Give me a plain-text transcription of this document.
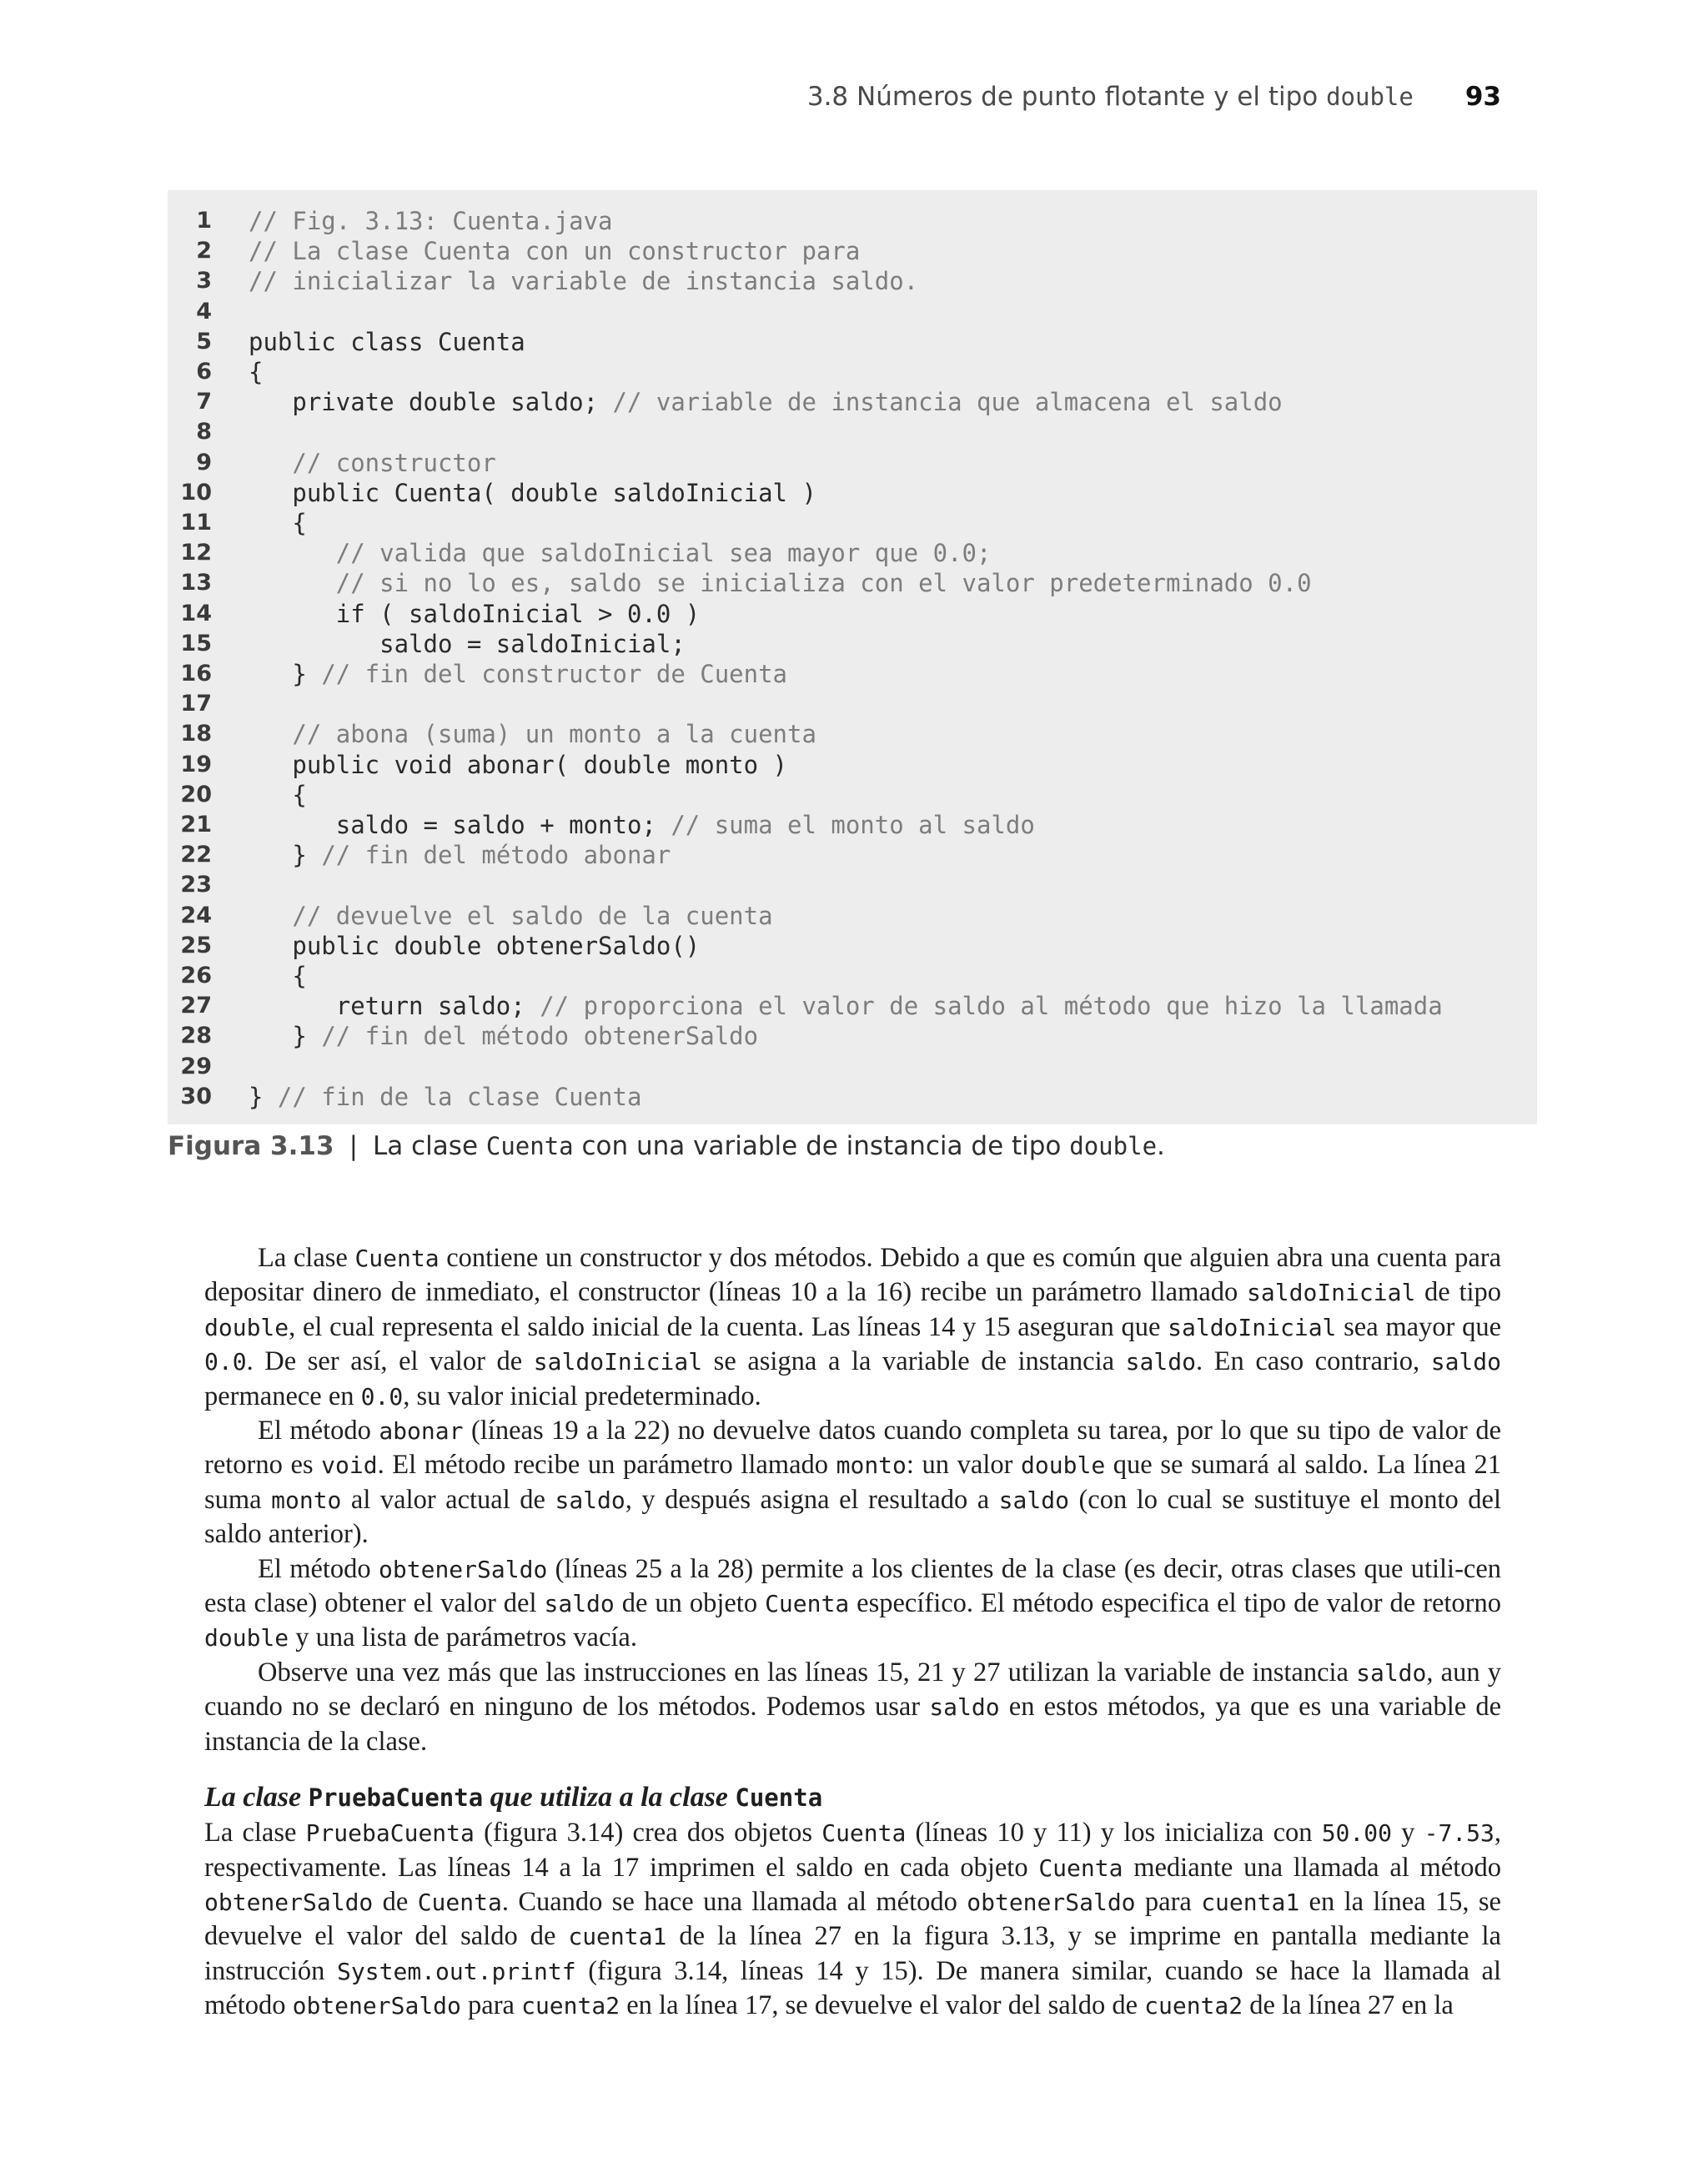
3.8 Números de punto flotante y el tipo double 93
1 // Fig. 3.13: Cuenta.java
2 // La clase Cuenta con un constructor para
3 // inicializar la variable de instancia saldo.
4
5 public class Cuenta
6 {
7 private double saldo; // variable de instancia que almacena el saldo
8
9 // constructor
10 public Cuenta( double saldoInicial )
11 {
12 // valida que saldoInicial sea mayor que 0.0;
13 // si no lo es, saldo se inicializa con el valor predeterminado 0.0
14 if ( saldoInicial > 0.0 )
15 saldo = saldoInicial;
16 } // fin del constructor de Cuenta
17
18 // abona (suma) un monto a la cuenta
19 public void abonar( double monto )
20 {
21 saldo = saldo + monto; // suma el monto al saldo
22 } // fin del método abonar
23
24 // devuelve el saldo de la cuenta
25 public double obtenerSaldo()
26 {
27 return saldo; // proporciona el valor de saldo al método que hizo la llamada
28 } // fin del método obtenerSaldo
29
30 } // fin de la clase Cuenta
Figura 3.13 | La clase Cuenta con una variable de instancia de tipo double.

La clase Cuenta contiene un constructor y dos métodos. Debido a que es común que alguien abra una cuenta para depositar dinero de inmediato, el constructor (líneas 10 a la 16) recibe un parámetro llamado saldoInicial de tipo double, el cual representa el saldo inicial de la cuenta. Las líneas 14 y 15 aseguran que saldoInicial sea mayor que 0.0. De ser así, el valor de saldoInicial se asigna a la variable de instancia saldo. En caso contrario, saldo permanece en 0.0, su valor inicial predeterminado.

El método abonar (líneas 19 a la 22) no devuelve datos cuando completa su tarea, por lo que su tipo de valor de retorno es void. El método recibe un parámetro llamado monto: un valor double que se sumará al saldo. La línea 21 suma monto al valor actual de saldo, y después asigna el resultado a saldo (con lo cual se sustituye el monto del saldo anterior).

El método obtenerSaldo (líneas 25 a la 28) permite a los clientes de la clase (es decir, otras clases que utili-cen esta clase) obtener el valor del saldo de un objeto Cuenta específico. El método especifica el tipo de valor de retorno double y una lista de parámetros vacía.

Observe una vez más que las instrucciones en las líneas 15, 21 y 27 utilizan la variable de instancia saldo, aun y cuando no se declaró en ninguno de los métodos. Podemos usar saldo en estos métodos, ya que es una variable de instancia de la clase.

La clase PruebaCuenta que utiliza a la clase Cuenta

La clase PruebaCuenta (figura 3.14) crea dos objetos Cuenta (líneas 10 y 11) y los inicializa con 50.00 y -7.53, respectivamente. Las líneas 14 a la 17 imprimen el saldo en cada objeto Cuenta mediante una llamada al método obtenerSaldo de Cuenta. Cuando se hace una llamada al método obtenerSaldo para cuenta1 en la línea 15, se devuelve el valor del saldo de cuenta1 de la línea 27 en la figura 3.13, y se imprime en pantalla mediante la instrucción System.out.printf (figura 3.14, líneas 14 y 15). De manera similar, cuando se hace la llamada al método obtenerSaldo para cuenta2 en la línea 17, se devuelve el valor del saldo de cuenta2 de la línea 27 en la
